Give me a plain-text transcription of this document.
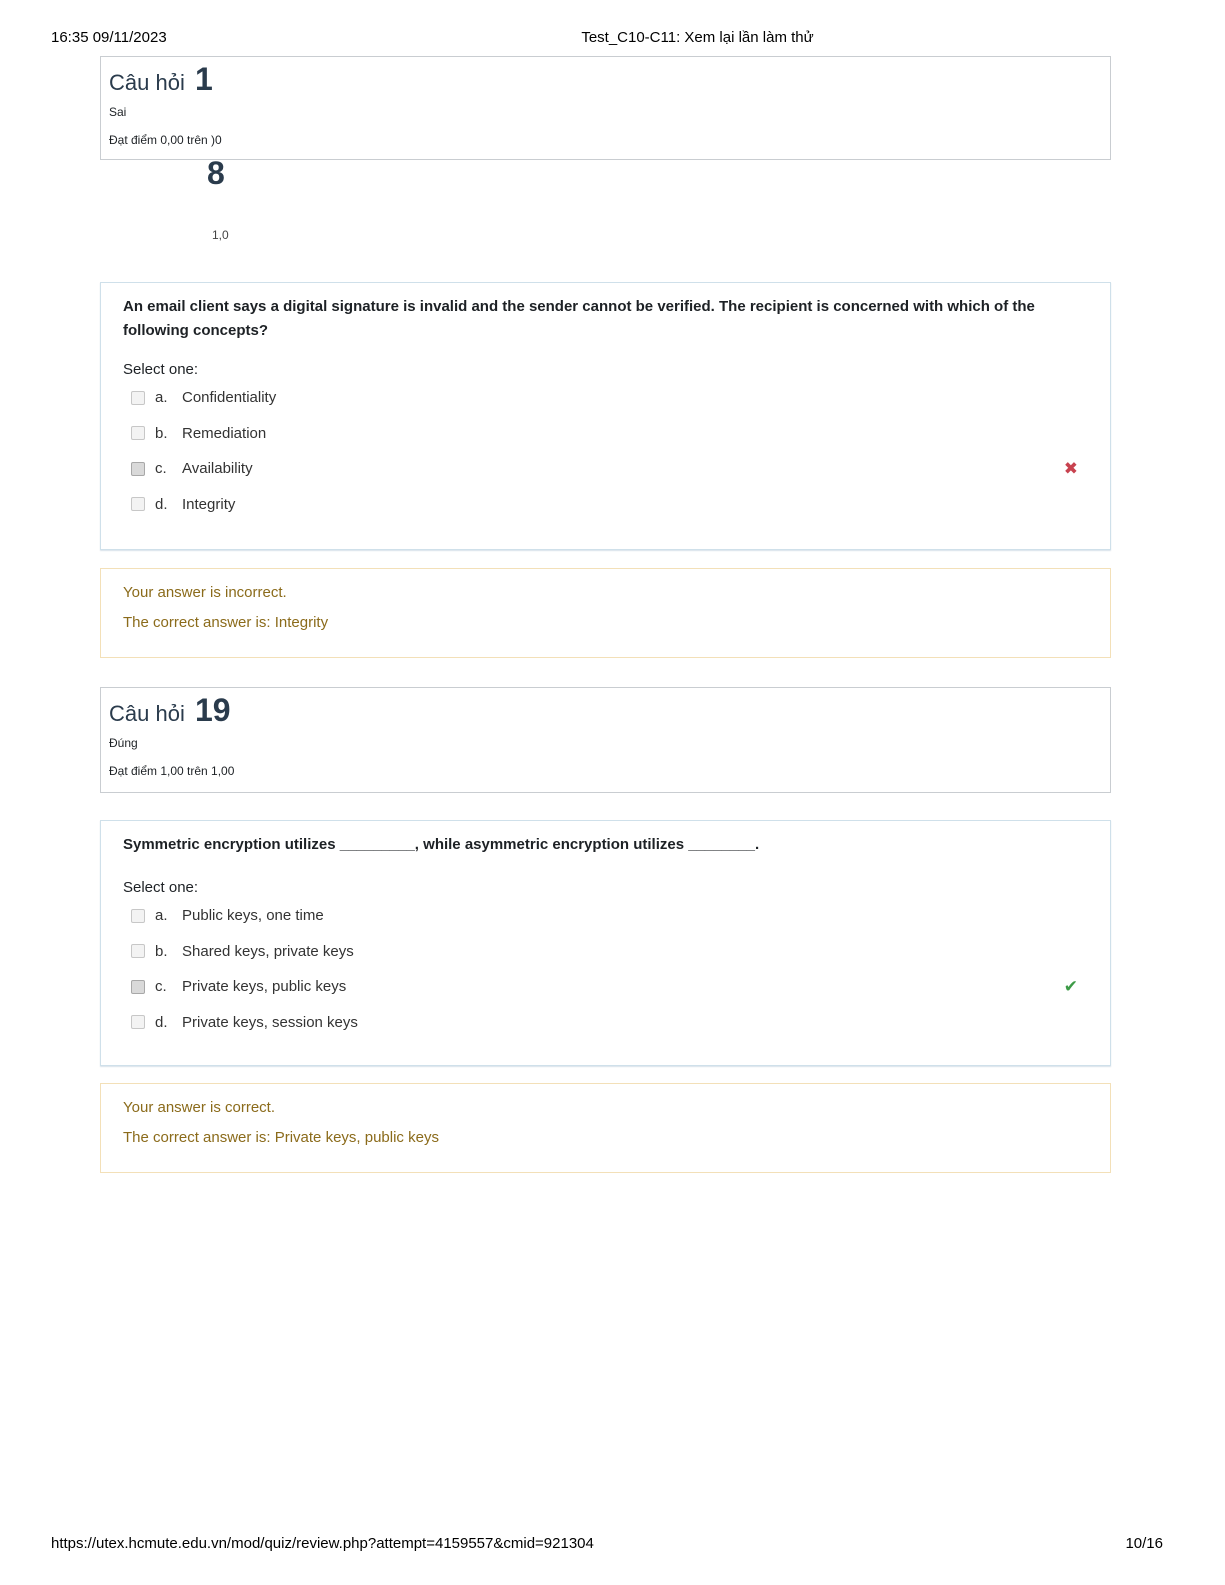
16:35 09/11/2023	Test_C10-C11: Xem lại lần làm thử
Câu hỏi 1
Sai
Đạt điểm 0,00 trên )0
8
1,0
An email client says a digital signature is invalid and the sender cannot be verified. The recipient is concerned with which of the following concepts?
Select one:
a. Confidentiality
b. Remediation
c.	Availability	✖
d. Integrity
Your answer is incorrect.
The correct answer is: Integrity
Câu hỏi 19
Đúng
Đạt điểm 1,00 trên 1,00
Symmetric encryption utilizes _________, while asymmetric encryption utilizes ________.
Select one:
a. Public keys, one time
b. Shared keys, private keys
c.	Private keys, public keys	✔
d. Private keys, session keys
Your answer is correct.
The correct answer is: Private keys, public keys
https://utex.hcmute.edu.vn/mod/quiz/review.php?attempt=4159557&cmid=921304	10/16
